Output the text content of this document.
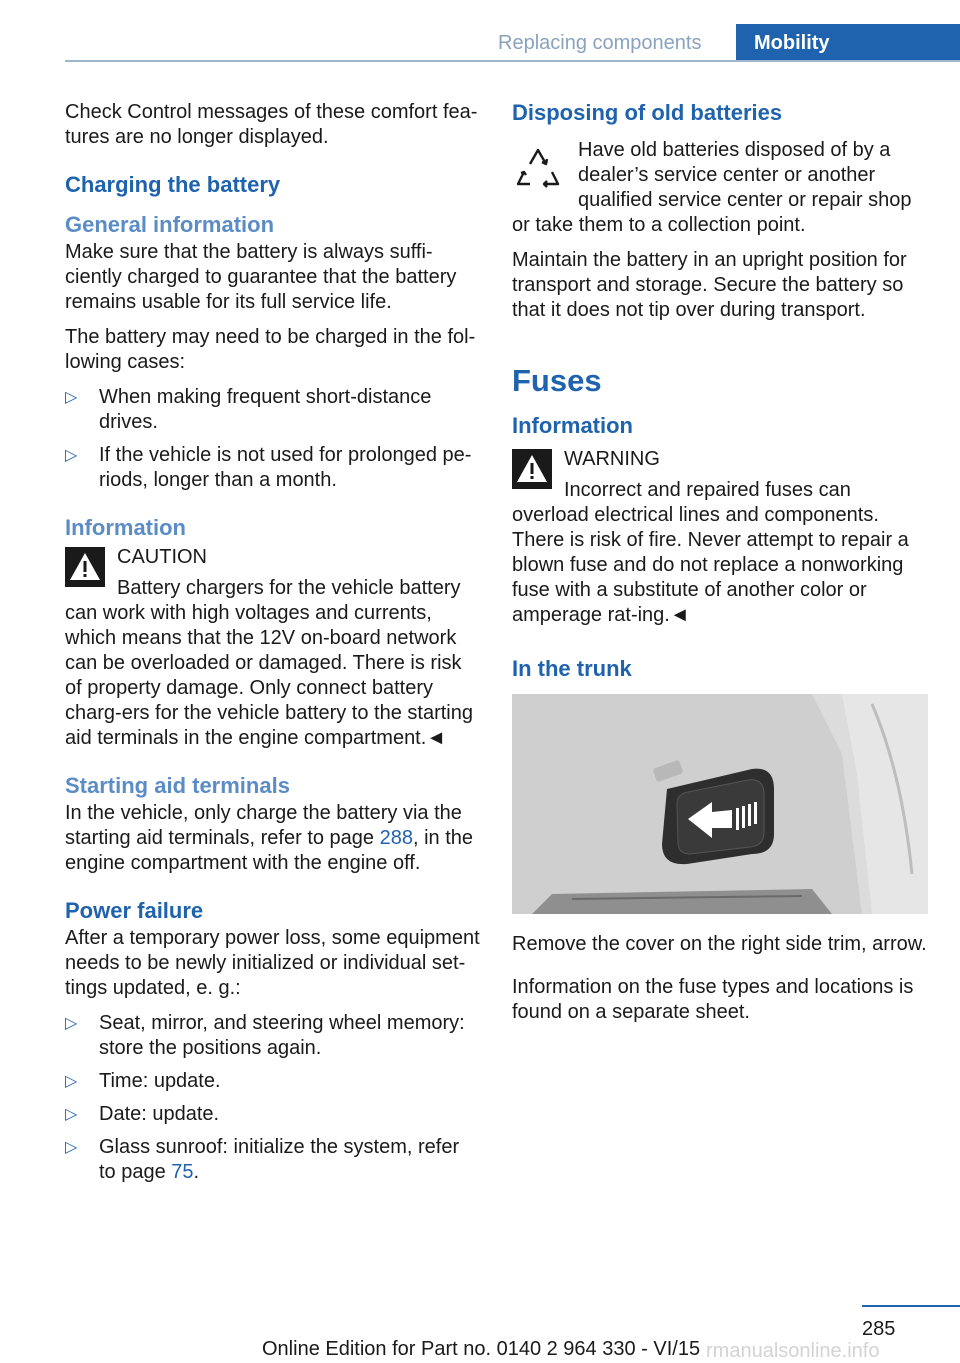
Replacing components	Mobility

Check Control messages of these comfort fea-tures are no longer displayed.

Charging the battery
General information

Make sure that the battery is always suffi-ciently charged to guarantee that the battery remains usable for its full service life.

The battery may need to be charged in the fol-lowing cases:

▷ When making frequent short-distance drives.
▷ If the vehicle is not used for prolonged pe-riods, longer than a month.
Information
CAUTION
Battery chargers for the vehicle battery can work with high voltages and currents, which means that the 12V on-board network can be overloaded or damaged. There is risk of property damage. Only connect battery charg-ers for the vehicle battery to the starting aid terminals in the engine compartment.◄
Starting aid terminals

In the vehicle, only charge the battery via the starting aid terminals, refer to page 288, in the engine compartment with the engine off.

Power failure

After a temporary power loss, some equipment needs to be newly initialized or individual set-tings updated, e. g.:

▷ Seat, mirror, and steering wheel memory: store the positions again.
▷ Time: update.
▷ Date: update.
▷ Glass sunroof: initialize the system, refer to page 75.
Disposing of old batteries

Have old batteries disposed of by a dealer’s service center or another qualified service center or repair shop or take them to a collection point.

Maintain the battery in an upright position for transport and storage. Secure the battery so that it does not tip over during transport.

Fuses
Information
WARNING
Incorrect and repaired fuses can overload electrical lines and components. There is risk of fire. Never attempt to repair a blown fuse and do not replace a nonworking fuse with a substitute of another color or amperage rat-ing.◄
In the trunk

Remove the cover on the right side trim, arrow.

Information on the fuse types and locations is found on a separate sheet.

285
Online Edition for Part no. 0140 2 964 330 - VI/15 rmanualsonline.info
